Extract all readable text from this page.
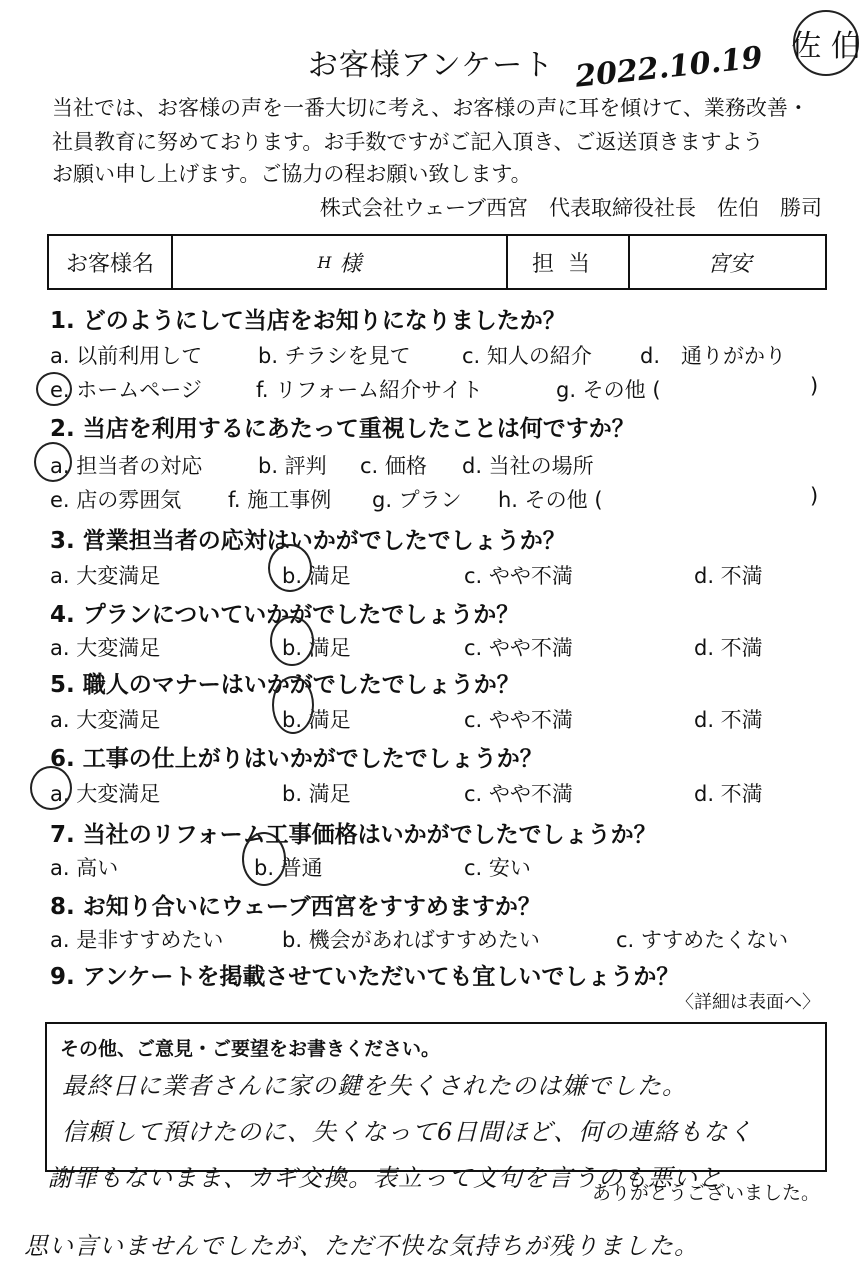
お客様アンケート 2022.10.19 佐 伯
当社では、お客様の声を一番大切に考え、お客様の声に耳を傾けて、業務改善・
社員教育に努めております。お手数ですがご記入頂き、ご返送頂きますよう
お願い申し上げます。ご協力の程お願い致します。
株式会社ウェーブ西宮　代表取締役社長　佐伯　勝司
お客様名	H 様	担当	宮安
1. どのようにして当店をお知りになりましたか？
a. 以前利用して	b. チラシを見て c. 知人の紹介 d.　通りがかり
e. ホームページ	f. リフォーム紹介サイト	g. その他 (	)
2. 当店を利用するにあたって重視したことは何ですか？
a. 担当者の対応	b. 評判 c. 価格 d. 当社の場所
e. 店の雰囲気 f. 施工事例 g. プラン h. その他 (	)
3. 営業担当者の応対はいかがでしたでしょうか？
a. 大変満足	b. 満足	c. やや不満	d. 不満
4. プランについていかがでしたでしょうか？
a. 大変満足	b. 満足	c. やや不満	d. 不満
5. 職人のマナーはいかがでしたでしょうか？
a. 大変満足	b. 満足	c. やや不満	d. 不満
6. 工事の仕上がりはいかがでしたでしょうか？
a. 大変満足	b. 満足	c. やや不満	d. 不満
7. 当社のリフォーム工事価格はいかがでしたでしょうか？
a. 高い	b. 普通	c. 安い
8. お知り合いにウェーブ西宮をすすめますか？
a. 是非すすめたい	b. 機会があればすすめたい	c. すすめたくない
9. アンケートを掲載させていただいても宜しいでしょうか？
〈詳細は表面へ〉
その他、ご意見・ご要望をお書きください。
最終日に業者さんに家の鍵を失くされたのは嫌でした。
信頼して預けたのに、失くなって6日間ほど、何の連絡もなく
謝罪もないまま、カギ交換。表立って文句を言うのも悪いと
ありがとうございました。
思い言いませんでしたが、ただ不快な気持ちが残りました。
